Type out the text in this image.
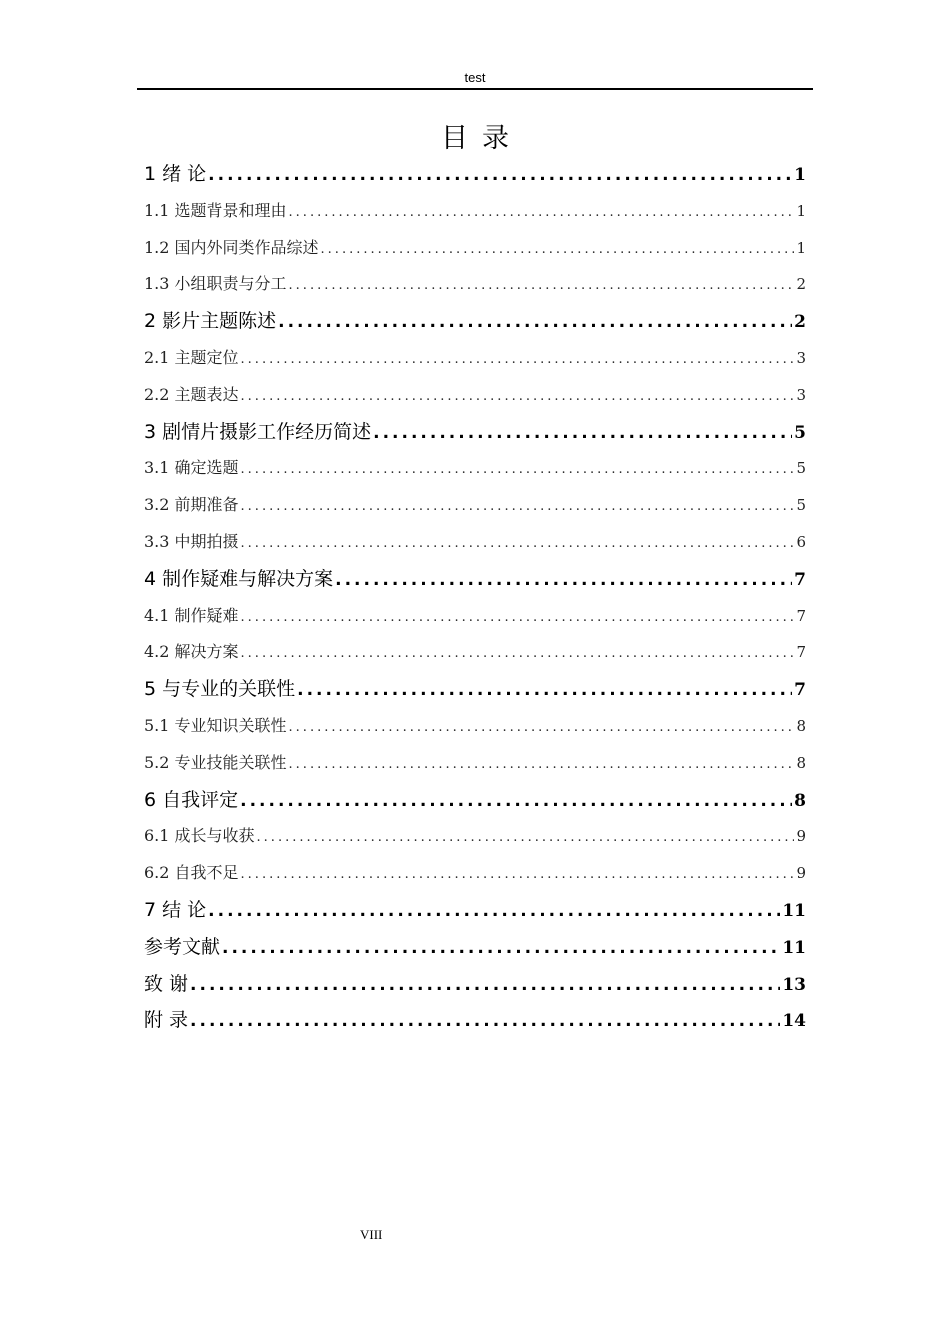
test
目录
1 绪 论 .....	1
1.1 选题背景和理由 .....	1
1.2 国内外同类作品综述 .....	1
1.3 小组职责与分工 .....	2
2 影片主题陈述 .....	2
2.1 主题定位 .....	3
2.2 主题表达 .....	3
3 剧情片摄影工作经历简述 .....	5
3.1 确定选题 .....	5
3.2 前期准备 .....	5
3.3 中期拍摄 .....	6
4 制作疑难与解决方案 .....	7
4.1 制作疑难 .....	7
4.2 解决方案 .....	7
5 与专业的关联性 .....	7
5.1 专业知识关联性 .....	8
5.2 专业技能关联性 .....	8
6 自我评定 .....	8
6.1 成长与收获 .....	9
6.2 自我不足 .....	9
7 结 论 .....	11
参考文献 .....	11
致 谢 .....	13
附 录 .....	14
VIII
